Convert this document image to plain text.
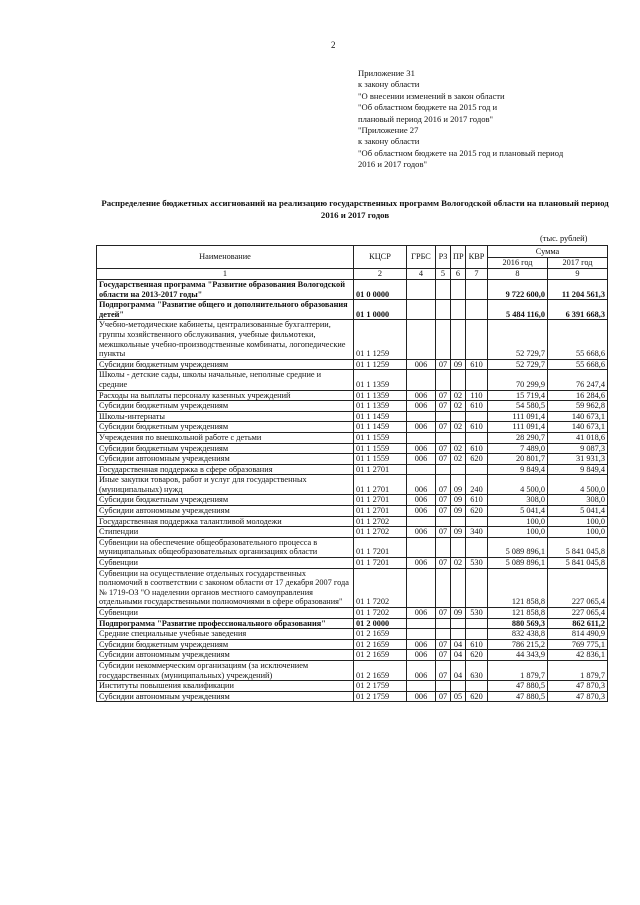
2
Приложение 31
к закону области
"О внесении изменений в закон области
"Об областном бюджете на 2015 год и
плановый период 2016 и 2017 годов"
"Приложение 27
к закону области
"Об областном бюджете на 2015 год и плановый период
2016 и 2017 годов"
Распределение бюджетных ассигнований на реализацию государственных программ Вологодской области на плановый период 2016 и 2017 годов
(тыс. рублей)
Наименование	КЦСР	ГРБС	РЗ	ПР	КВР	Сумма	
						2016 год	2017 год
1	2	4	5	6	7	8	9
Государственная программа "Развитие образования Вологодской области на 2013-2017 годы"	01 0 0000					9 722 600,0	11 204 561,3
Подпрограмма "Развитие общего и дополнительного образования детей"	01 1 0000					5 484 116,0	6 391 668,3
Учебно-методические кабинеты, централизованные бухгалтерии, группы хозяйственного обслуживания, учебные фильмотеки, межшкольные учебно-производственные комбинаты, логопедические пункты	01 1 1259					52 729,7	55 668,6
Субсидии бюджетным учреждениям	01 1 1259	006	07	09	610	52 729,7	55 668,6
Школы - детские сады, школы начальные, неполные средние и средние	01 1 1359					70 299,9	76 247,4
Расходы на выплаты персоналу казенных учреждений	01 1 1359	006	07	02	110	15 719,4	16 284,6
Субсидии бюджетным учреждениям	01 1 1359	006	07	02	610	54 580,5	59 962,8
Школы-интернаты	01 1 1459					111 091,4	140 673,1
Субсидии бюджетным учреждениям	01 1 1459	006	07	02	610	111 091,4	140 673,1
Учреждения по внешкольной работе с детьми	01 1 1559					28 290,7	41 018,6
Субсидии бюджетным учреждениям	01 1 1559	006	07	02	610	7 489,0	9 087,3
Субсидии автономным учреждениям	01 1 1559	006	07	02	620	20 801,7	31 931,3
Государственная поддержка в сфере образования	01 1 2701					9 849,4	9 849,4
Иные закупки товаров, работ и услуг для государственных (муниципальных) нужд	01 1 2701	006	07	09	240	4 500,0	4 500,0
Субсидии бюджетным учреждениям	01 1 2701	006	07	09	610	308,0	308,0
Субсидии автономным учреждениям	01 1 2701	006	07	09	620	5 041,4	5 041,4
Государственная поддержка талантливой молодежи	01 1 2702					100,0	100,0
Стипендии	01 1 2702	006	07	09	340	100,0	100,0
Субвенции на обеспечение общеобразовательного процесса в муниципальных общеобразовательных организациях области	01 1 7201					5 089 896,1	5 841 045,8
Субвенции	01 1 7201	006	07	02	530	5 089 896,1	5 841 045,8
Субвенции на осуществление отдельных государственных полномочий в соответствии с законом области от 17 декабря 2007 года № 1719-ОЗ "О наделении органов местного самоуправления отдельными государственными полномочиями в сфере образования"	01 1 7202					121 858,8	227 065,4
Субвенции	01 1 7202	006	07	09	530	121 858,8	227 065,4
Подпрограмма "Развитие профессионального образования"	01 2 0000					880 569,3	862 611,2
Средние специальные учебные заведения	01 2 1659					832 438,8	814 490,9
Субсидии бюджетным учреждениям	01 2 1659	006	07	04	610	786 215,2	769 775,1
Субсидии автономным учреждениям	01 2 1659	006	07	04	620	44 343,9	42 836,1
Субсидии некоммерческим организациям (за исключением государственных (муниципальных) учреждений)	01 2 1659	006	07	04	630	1 879,7	1 879,7
Институты повышения квалификации	01 2 1759					47 880,5	47 870,3
Субсидии автономным учреждениям	01 2 1759	006	07	05	620	47 880,5	47 870,3
